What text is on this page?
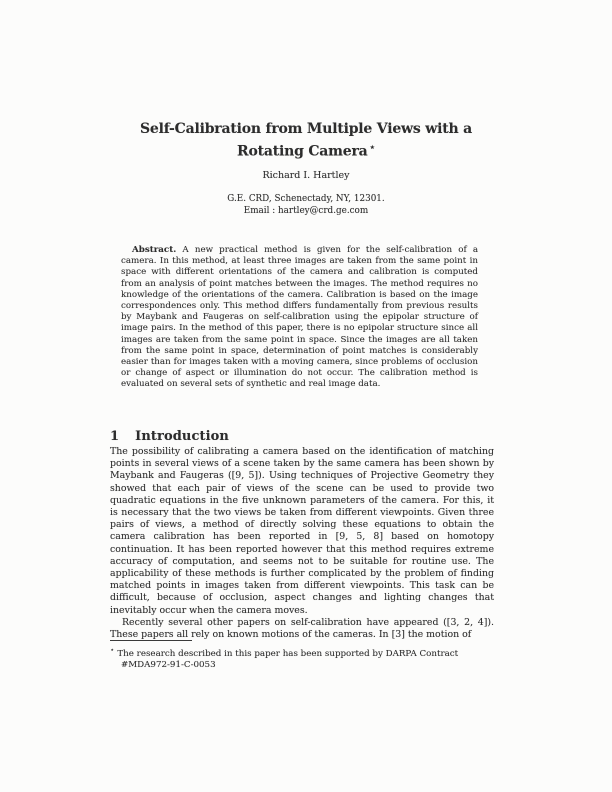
Self-Calibration from Multiple Views with a
Rotating Camera ⋆
Richard I. Hartley
G.E. CRD, Schenectady, NY, 12301.
Email : hartley@crd.ge.com
Abstract. A new practical method is given for the self-calibration of a camera. In this method, at least three images are taken from the same point in space with different orientations of the camera and calibration is computed from an analysis of point matches between the images. The method requires no knowledge of the orientations of the camera. Calibration is based on the image correspondences only. This method differs fundamentally from previous results by Maybank and Faugeras on self-calibration using the epipolar structure of image pairs. In the method of this paper, there is no epipolar structure since all images are taken from the same point in space. Since the images are all taken from the same point in space, determination of point matches is considerably easier than for images taken with a moving camera, since problems of occlusion or change of aspect or illumination do not occur. The calibration method is evaluated on several sets of synthetic and real image data.
1 Introduction

The possibility of calibrating a camera based on the identification of matching points in several views of a scene taken by the same camera has been shown by Maybank and Faugeras ([9, 5]). Using techniques of Projective Geometry they showed that each pair of views of the scene can be used to provide two quadratic equations in the five unknown parameters of the camera. For this, it is necessary that the two views be taken from different viewpoints. Given three pairs of views, a method of directly solving these equations to obtain the camera calibration has been reported in [9, 5, 8] based on homotopy continuation. It has been reported however that this method requires extreme accuracy of computation, and seems not to be suitable for routine use. The applicability of these methods is further complicated by the problem of finding matched points in images taken from different viewpoints. This task can be difficult, because of occlusion, aspect changes and lighting changes that inevitably occur when the camera moves.

Recently several other papers on self-calibration have appeared ([3, 2, 4]). These papers all rely on known motions of the cameras. In [3] the motion of

⋆ The research described in this paper has been supported by DARPA Contract
#MDA972-91-C-0053
